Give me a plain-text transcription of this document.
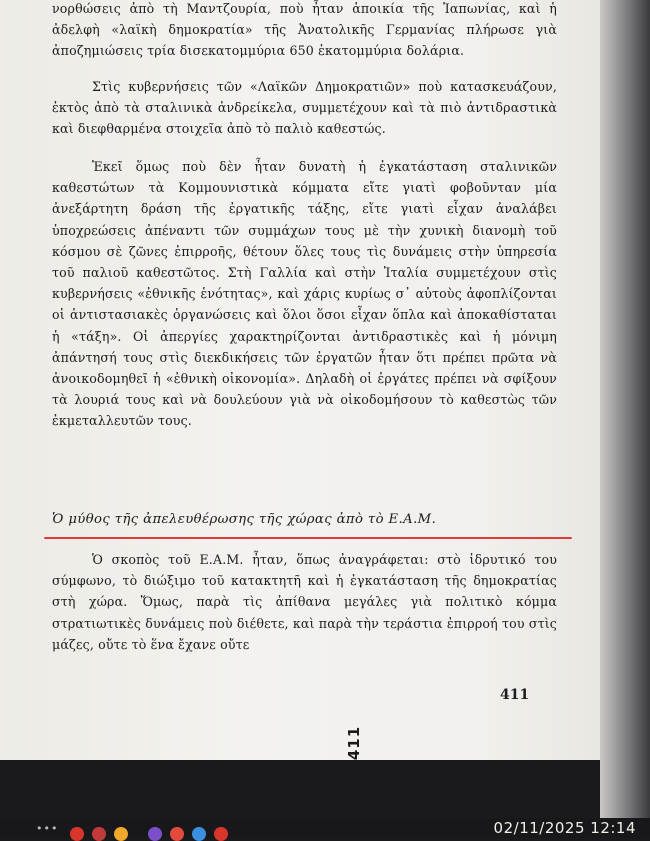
νορθώσεις ἀπὸ τὴ Μαντζουρία, ποὺ ἦταν ἀποικία τῆς Ἰαπωνίας, καὶ ἡ ἀδελφὴ «λαϊκὴ δημοκρατία» τῆς Ἀνατολικῆς Γερμανίας πλήρωσε γιὰ ἀποζημιώσεις τρία δισεκατομμύρια 650 ἑκατομμύρια δολάρια.

Στὶς κυβερνήσεις τῶν «Λαϊκῶν Δημοκρατιῶν» ποὺ κατασκευάζουν, ἐκτὸς ἀπὸ τὰ σταλινικὰ ἀνδρείκελα, συμμετέχουν καὶ τὰ πιὸ ἀντιδραστικὰ καὶ διεφθαρμένα στοιχεῖα ἀπὸ τὸ παλιὸ καθεστώς.

Ἐκεῖ ὅμως ποὺ δὲν ἦταν δυνατὴ ἡ ἐγκατάσταση σταλινικῶν καθεστώτων τὰ Κομμουνιστικὰ κόμματα εἴτε γιατὶ φοβοῦνταν μία ἀνεξάρτητη δράση τῆς ἐργατικῆς τάξης, εἴτε γιατὶ εἶχαν ἀναλάβει ὑποχρεώσεις ἀπέναντι τῶν συμμάχων τους μὲ τὴν χυνικὴ διανομὴ τοῦ κόσμου σὲ ζῶνες ἐπιρροῆς, θέτουν ὅλες τους τὶς δυνάμεις στὴν ὑπηρεσία τοῦ παλιοῦ καθεστῶτος. Στὴ Γαλλία καὶ στὴν Ἰταλία συμμετέχουν στὶς κυβερνήσεις «ἐθνικῆς ἑνότητας», καὶ χάρις κυρίως σ᾿ αὐτοὺς ἀφοπλίζονται οἱ ἀντιστασιακὲς ὀργανώσεις καὶ ὅλοι ὅσοι εἶχαν ὅπλα καὶ ἀποκαθίσταται ἡ «τάξη». Οἱ ἀπεργίες χαρακτηρίζονται ἀντιδραστικὲς καὶ ἡ μόνιμη ἀπάντησή τους στὶς διεκδικήσεις τῶν ἐργατῶν ἦταν ὅτι πρέπει πρῶτα νὰ ἀνοικοδομηθεῖ ἡ «ἐθνικὴ οἰκονομία». Δηλαδὴ οἱ ἐργάτες πρέπει νὰ σφίξουν τὰ λουριά τους καὶ νὰ δουλεύουν γιὰ νὰ οἰκοδομήσουν τὸ καθεστὼς τῶν ἐκμεταλλευτῶν τους.

Ὁ μύθος τῆς ἀπελευθέρωσης τῆς χώρας ἀπὸ τὸ Ε.Α.Μ.

Ὁ σκοπὸς τοῦ Ε.Α.Μ. ἦταν, ὅπως ἀναγράφεται: στὸ ἱδρυτικό του σύμφωνο, τὸ διώξιμο τοῦ κατακτητῆ καὶ ἡ ἐγκατάσταση τῆς δημοκρατίας στὴ χώρα. Ὅμως, παρὰ τὶς ἀπίθανα μεγάλες γιὰ πολιτικὸ κόμμα στρατιωτικὲς δυνάμεις ποὺ διέθετε, καὶ παρὰ τὴν τεράστια ἐπιρροή του στὶς μάζες, οὔτε τὸ ἕνα ἔχανε οὔτε

411
411
•••	02/11/2025 12:14
